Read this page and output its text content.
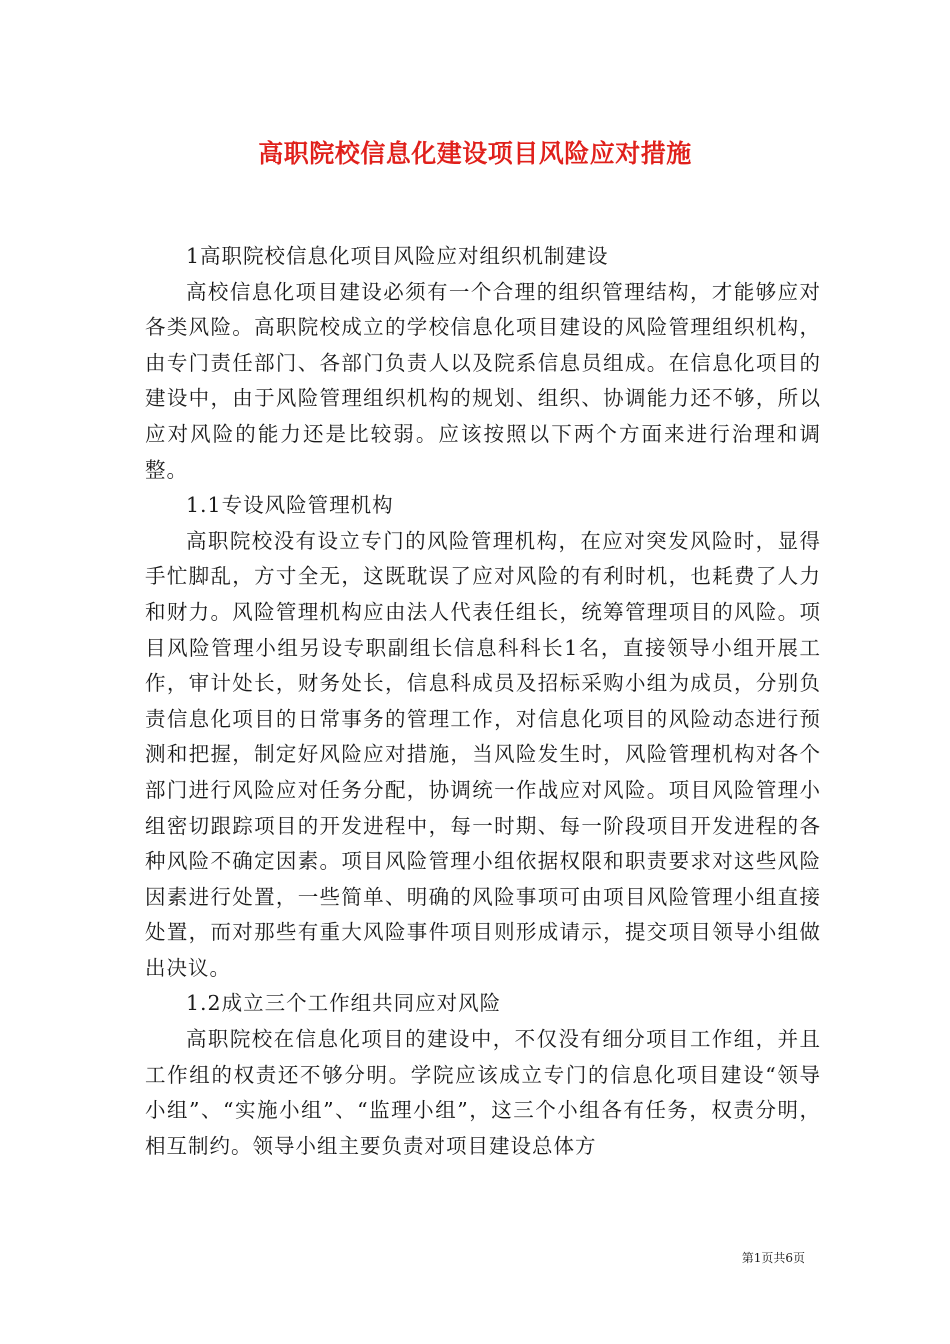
高职院校信息化建设项目风险应对措施

1高职院校信息化项目风险应对组织机制建设

高校信息化项目建设必须有一个合理的组织管理结构，才能够应对各类风险。高职院校成立的学校信息化项目建设的风险管理组织机构，由专门责任部门、各部门负责人以及院系信息员组成。在信息化项目的建设中，由于风险管理组织机构的规划、组织、协调能力还不够，所以应对风险的能力还是比较弱。应该按照以下两个方面来进行治理和调整。

1.1专设风险管理机构

高职院校没有设立专门的风险管理机构，在应对突发风险时，显得手忙脚乱，方寸全无，这既耽误了应对风险的有利时机，也耗费了人力和财力。风险管理机构应由法人代表任组长，统筹管理项目的风险。项目风险管理小组另设专职副组长信息科科长1名，直接领导小组开展工作，审计处长，财务处长，信息科成员及招标采购小组为成员，分别负责信息化项目的日常事务的管理工作，对信息化项目的风险动态进行预测和把握，制定好风险应对措施，当风险发生时，风险管理机构对各个部门进行风险应对任务分配，协调统一作战应对风险。项目风险管理小组密切跟踪项目的开发进程中，每一时期、每一阶段项目开发进程的各种风险不确定因素。项目风险管理小组依据权限和职责要求对这些风险因素进行处置，一些简单、明确的风险事项可由项目风险管理小组直接处置，而对那些有重大风险事件项目则形成请示，提交项目领导小组做出决议。

1.2成立三个工作组共同应对风险

高职院校在信息化项目的建设中，不仅没有细分项目工作组，并且工作组的权责还不够分明。学院应该成立专门的信息化项目建设“领导小组”、“实施小组”、“监理小组”，这三个小组各有任务，权责分明，相互制约。领导小组主要负责对项目建设总体方

第1页共6页
